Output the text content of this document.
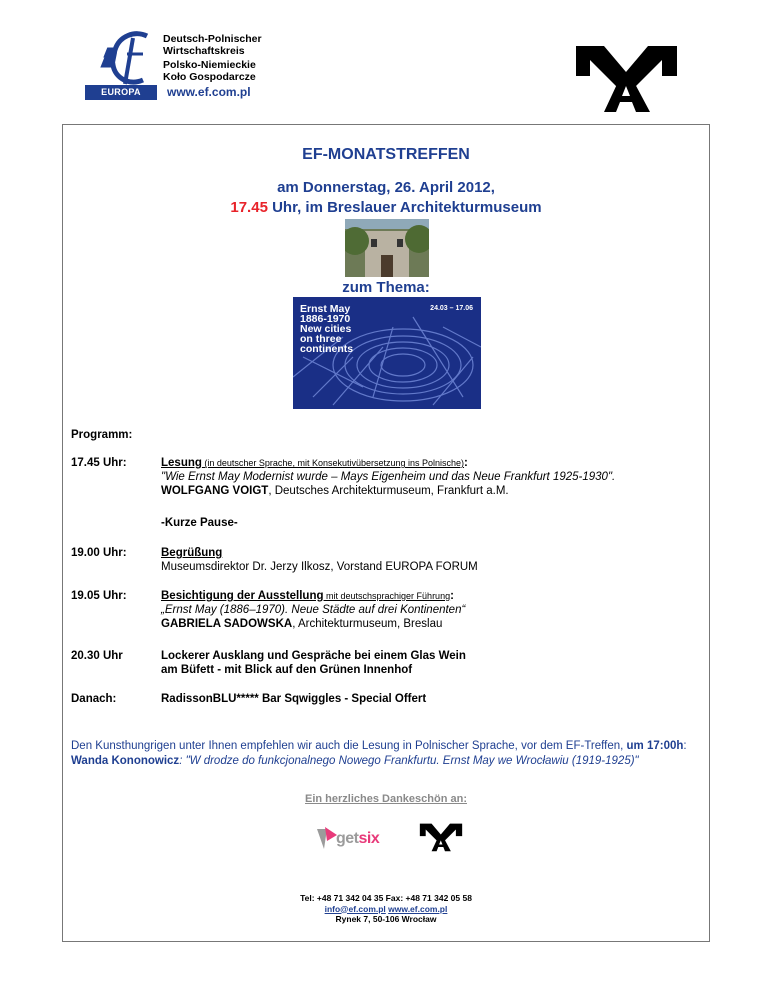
EUROPA FORUM
Deutsch-Polnischer
Wirtschaftskreis
Polsko-Niemieckie
Koło Gospodarcze
www.ef.com.pl
EF-MONATSTREFFEN
am Donnerstag, 26. April 2012,
17.45 Uhr, im Breslauer Architekturmuseum
zum Thema:
Ernst May
1886-1970
New cities
on three
continents
24.03 – 17.06
Programm:
17.45 Uhr:	Lesung (in deutscher Sprache, mit Konsekutivübersetzung ins Polnische):
"Wie Ernst May Modernist wurde – Mays Eigenheim und das Neue Frankfurt 1925-1930".
WOLFGANG VOIGT, Deutsches Architekturmuseum, Frankfurt a.M.
-Kurze Pause-
19.00 Uhr:	Begrüßung
Museumsdirektor Dr. Jerzy Ilkosz, Vorstand EUROPA FORUM
19.05 Uhr:	Besichtigung der Ausstellung mit deutschsprachiger Führung:
„Ernst May (1886–1970). Neue Städte auf drei Kontinenten“
GABRIELA SADOWSKA, Architekturmuseum, Breslau
20.30 Uhr	Lockerer Ausklang und Gespräche bei einem Glas Wein
am Büfett - mit Blick auf den Grünen Innenhof
Danach:	RadissonBLU***** Bar Sqwiggles - Special Offert
Den Kunsthungrigen unter Ihnen empfehlen wir auch die Lesung in Polnischer Sprache, vor dem EF-Treffen, um 17:00h:
Wanda Kononowicz: "W drodze do funkcjonalnego Nowego Frankfurtu. Ernst May we Wrocławiu (1919-1925)"
Ein herzliches Dankeschön an:
getsix
Tel: +48 71 342 04 35 Fax: +48 71 342 05 58
info@ef.com.pl www.ef.com.pl
Rynek 7, 50-106 Wrocław
